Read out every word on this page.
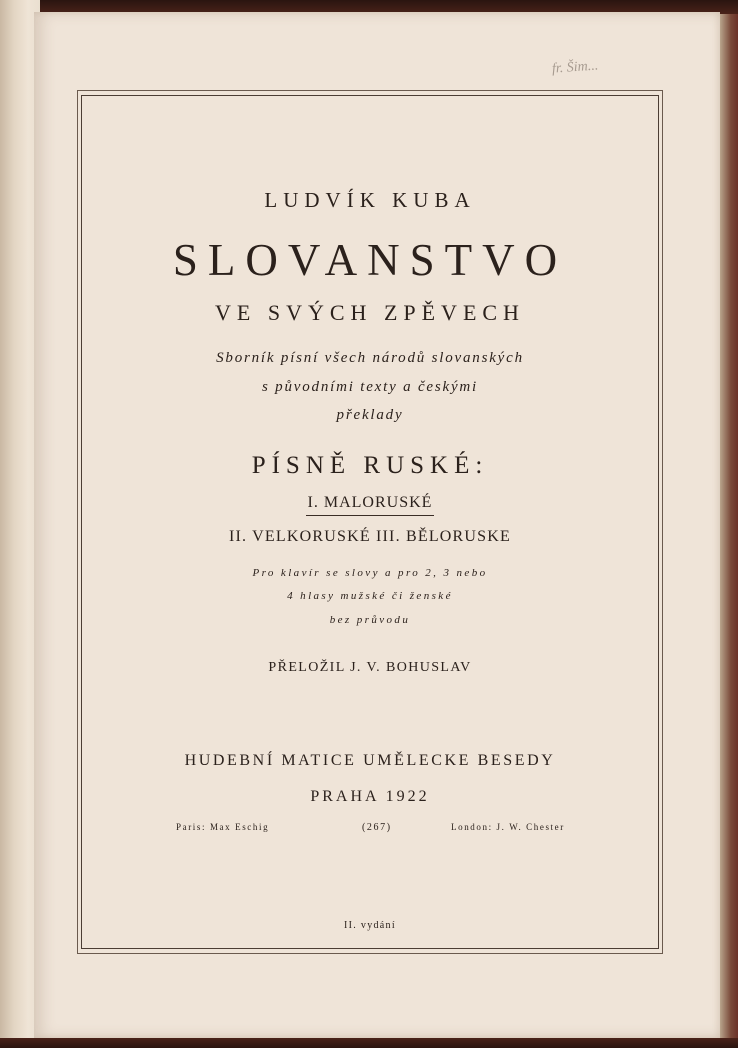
fr. Šim...
LUDVÍK KUBA
SLOVANSTVO
VE SVÝCH ZPĚVECH
Sborník písní všech národů slovanských
s původními texty a českými
překlady
PÍSNĚ RUSKÉ:
I. MALORUSKÉ
II. VELKORUSKÉ III. BĚLORUSKE
Pro klavír se slovy a pro 2, 3 nebo
4 hlasy mužské či ženské
bez průvodu
PŘELOŽIL J. V. BOHUSLAV
HUDEBNÍ MATICE UMĚLECKE BESEDY
PRAHA 1922
Paris: Max Eschig	(267)	London: J. W. Chester
II. vydání
